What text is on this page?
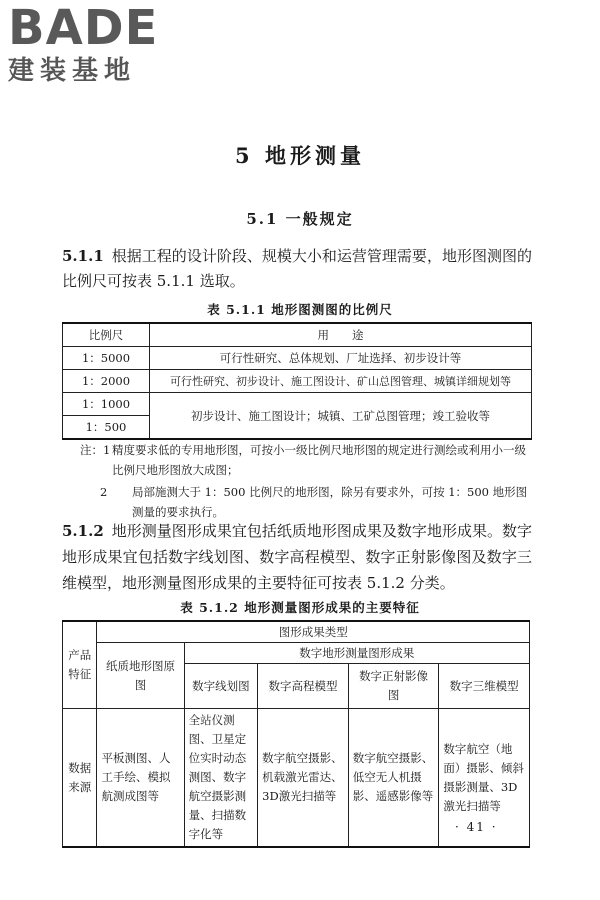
BADE
建装基地
5 地形测量
5.1 一般规定
5.1.1 根据工程的设计阶段、规模大小和运营管理需要，地形图测图的比例尺可按表 5.1.1 选取。
表 5.1.1 地形图测图的比例尺
比例尺	用　　途
1：5000	可行性研究、总体规划、厂址选择、初步设计等
1：2000	可行性研究、初步设计、施工图设计、矿山总图管理、城镇详细规划等
1：1000	初步设计、施工图设计；城镇、工矿总图管理；竣工验收等
1：500	
注：1 精度要求低的专用地形图，可按小一级比例尺地形图的规定进行测绘或利用小一级比例尺地形图放大成图；
2	局部施测大于 1：500 比例尺的地形图，除另有要求外，可按 1：500 地形图测量的要求执行。
5.1.2 地形测量图形成果宜包括纸质地形图成果及数字地形成果。数字地形成果宜包括数字线划图、数字高程模型、数字正射影像图及数字三维模型，地形测量图形成果的主要特征可按表 5.1.2 分类。
表 5.1.2 地形测量图形成果的主要特征
产品特征	图形成果类型				
	纸质地形图原图	数字地形测量图形成果			
		数字线划图	数字高程模型	数字正射影像图	数字三维模型
数据来源	平板测图、人工手绘、模拟航测成图等	全站仪测图、卫星定位实时动态测图、数字航空摄影测量、扫描数字化等	数字航空摄影、机载激光雷达、3D激光扫描等	数字航空摄影、低空无人机摄影、遥感影像等	数字航空（地面）摄影、倾斜摄影测量、3D激光扫描等
· 41 ·
